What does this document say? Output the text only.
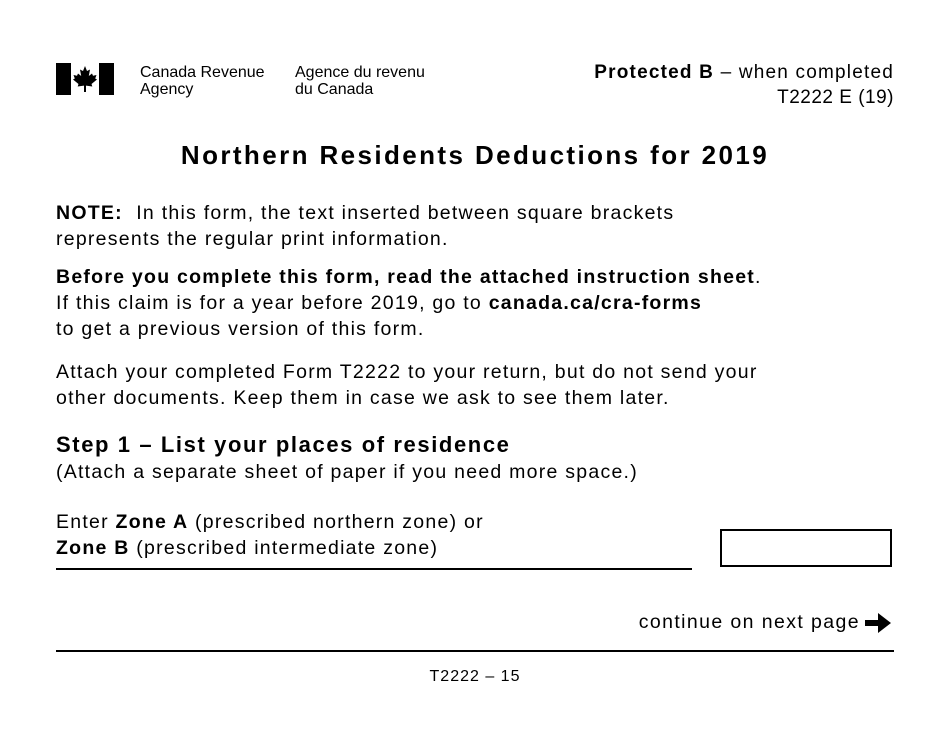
Canada Revenue
Agency
Agence du revenu
du Canada
Protected B – when completed
T2222 E (19)
Northern Residents Deductions for 2019
NOTE:  In this form, the text inserted between square brackets
represents the regular print information.
Before you complete this form, read the attached instruction sheet.
If this claim is for a year before 2019, go to canada.ca/cra-forms
to get a previous version of this form.
Attach your completed Form T2222 to your return, but do not send your
other documents. Keep them in case we ask to see them later.
Step 1 – List your places of residence
(Attach a separate sheet of paper if you need more space.)
Enter Zone A (prescribed northern zone) or
Zone B (prescribed intermediate zone)
continue on next page
T2222 – 15
